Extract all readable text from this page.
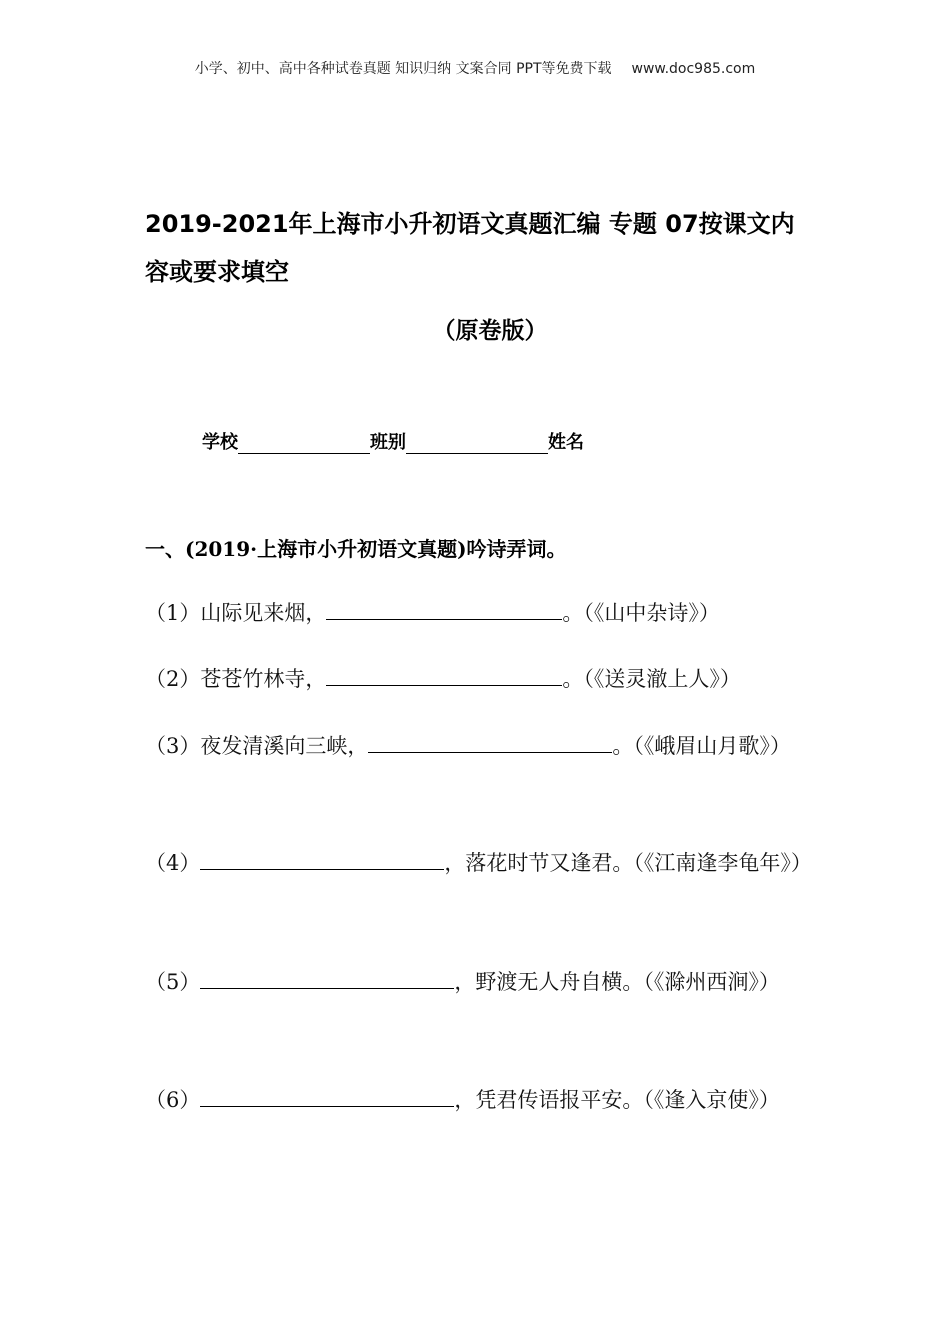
小学、初中、高中各种试卷真题 知识归纳 文案合同 PPT等免费下载 www.doc985.com
2019-2021年上海市小升初语文真题汇编 专题 07按课文内容或要求填空
（原卷版）
学校	班别	姓名
一、(2019·上海市小升初语文真题)吟诗弄词。
（1）山际见来烟，	。（《山中杂诗》）
（2）苍苍竹林寺，	。（《送灵澈上人》）
（3）夜发清溪向三峡，	。（《峨眉山月歌》）
（4）	，落花时节又逢君。（《江南逢李龟年》）
（5）	，野渡无人舟自横。（《滁州西涧》）
（6）	，凭君传语报平安。（《逢入京使》）
